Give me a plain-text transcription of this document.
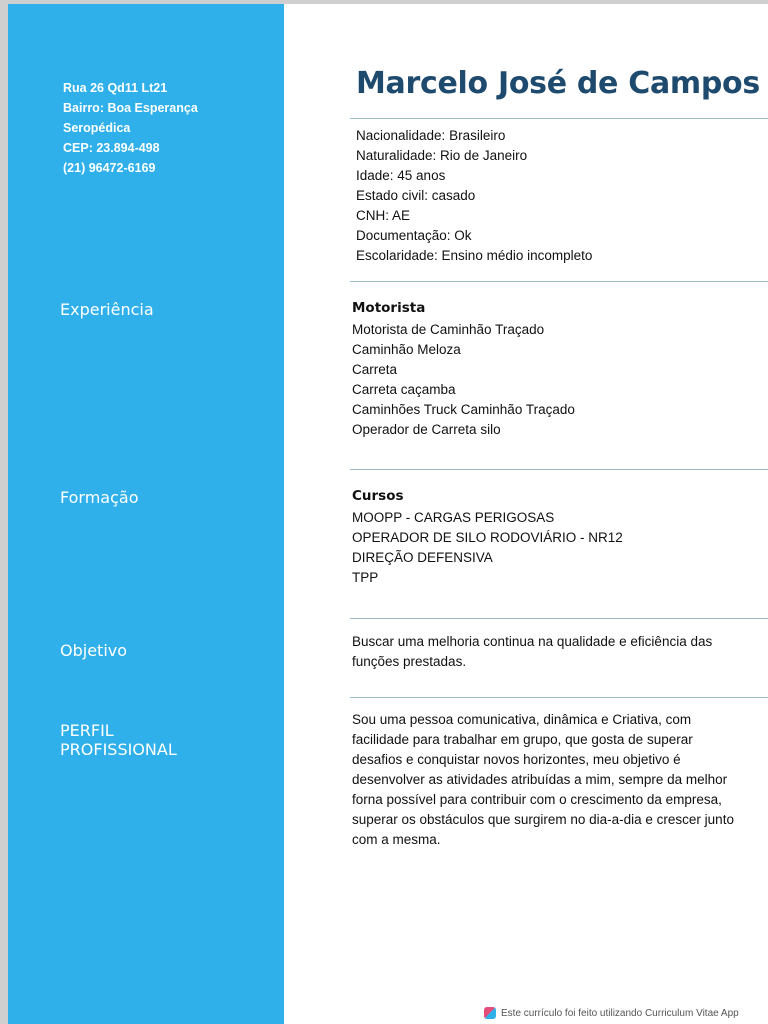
Rua 26 Qd11 Lt21
Bairro: Boa Esperança
Seropédica
CEP: 23.894-498
(21) 96472-6169
Experiência
Formação
Objetivo
PERFIL
PROFISSIONAL
Marcelo José de Campos
Nacionalidade: Brasileiro
Naturalidade: Rio de Janeiro
Idade: 45 anos
Estado civil: casado
CNH: AE
Documentação: Ok
Escolaridade: Ensino médio incompleto
Motorista
Motorista de Caminhão Traçado
Caminhão Meloza
Carreta
Carreta caçamba
Caminhões Truck Caminhão Traçado
Operador de Carreta silo
Cursos
MOOPP - CARGAS PERIGOSAS
OPERADOR DE SILO RODOVIÁRIO - NR12
DIREÇÃO DEFENSIVA
TPP
Buscar uma melhoria continua na qualidade e eficiência das
funções prestadas.
Sou uma pessoa comunicativa, dinâmica e Criativa, com
facilidade para trabalhar em grupo, que gosta de superar
desafios e conquistar novos horizontes, meu objetivo é
desenvolver as atividades atribuídas a mim, sempre da melhor
forna possível para contribuir com o crescimento da empresa,
superar os obstáculos que surgirem no dia-a-dia e crescer junto
com a mesma.
Este currículo foi feito utilizando Curriculum Vitae App
